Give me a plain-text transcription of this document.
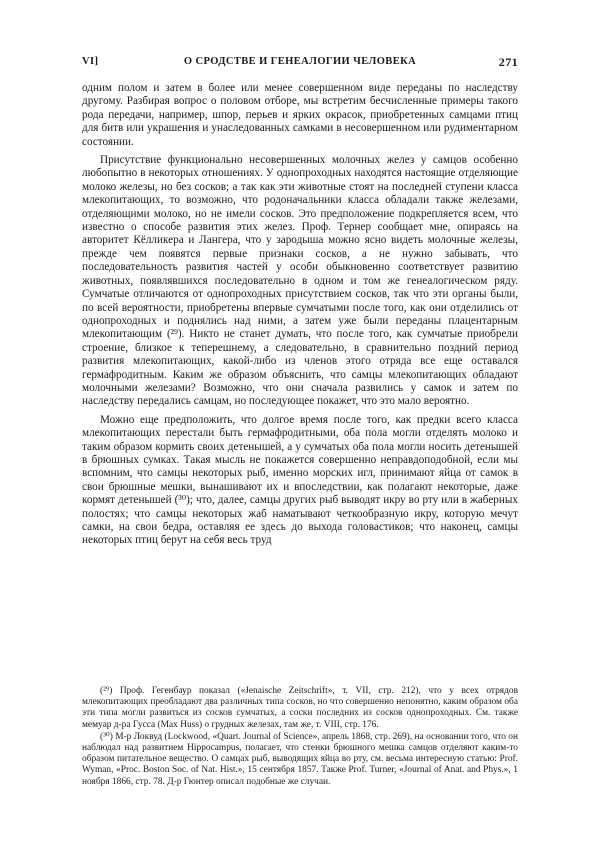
VI]	О СРОДСТВЕ И ГЕНЕАЛОГИИ ЧЕЛОВЕКА	271

одним полом и затем в более или менее совершенном виде переданы по наследству другому. Разбирая вопрос о половом отборе, мы встретим бесчисленные примеры такого рода передачи, например, шпор, перьев и ярких окрасок, приобретенных самцами птиц для битв или украшения и унаследованных самками в несовершенном или рудиментарном состоянии.

Присутствие функционально несовершенных молочных желез у самцов особенно любопытно в некоторых отношениях. У однопроходных находятся настоящие отделяющие молоко железы, но без сосков; а так как эти животные стоят на последней ступени класса млекопитающих, то возможно, что родоначальники класса обладали также железами, отделяющими молоко, но не имели сосков. Это предположение подкрепляется всем, что известно о способе развития этих желез. Проф. Тернер сообщает мне, опираясь на авторитет Кёлликера и Лангера, что у зародыша можно ясно видеть молочные железы, прежде чем появятся первые признаки сосков, а не нужно забывать, что последовательность развития частей у особи обыкновенно соответствует развитию животных, появлявшихся последовательно в одном и том же генеалогическом ряду. Сумчатые отличаются от однопроходных присутствием сосков, так что эти органы были, по всей вероятности, приобретены впервые сумчатыми после того, как они отделились от однопроходных и поднялись над ними, а затем уже были переданы плацентарным млекопитающим (²⁹). Никто не станет думать, что после того, как сумчатые приобрели строение, близкое к теперешнему, а следовательно, в сравнительно поздний период развития млекопитающих, какой-либо из членов этого отряда все еще оставался гермафродитным. Каким же образом объяснить, что самцы млекопитающих обладают молочными железами? Возможно, что они сначала развились у самок и затем по наследству передались самцам, но последующее покажет, что это мало вероятно.

Можно еще предположить, что долгое время после того, как предки всего класса млекопитающих перестали быть гермафродитными, оба пола могли отделять молоко и таким образом кормить своих детенышей, а у сумчатых оба пола могли носить детенышей в брюшных сумках. Такая мысль не покажется совершенно неправдоподобной, если мы вспомним, что самцы некоторых рыб, именно морских игл, принимают яйца от самок в свои брюшные мешки, вынашивают их и впоследствии, как полагают некоторые, даже кормят детенышей (³⁰); что, далее, самцы других рыб выводят икру во рту или в жаберных полостях; что самцы некоторых жаб наматывают четкообразную икру, которую мечут самки, на свои бедра, оставляя ее здесь до выхода головастиков; что наконец, самцы некоторых птиц берут на себя весь труд

(²⁹) Проф. Гегенбаур показал («Jenaische Zeitschrift», т. VII, стр. 212), что у всех отрядов млекопитающих преобладают два различных типа сосков, но что совершенно непонятно, каким образом оба эти типа могли развиться из сосков сумчатых, а соски последних из сосков однопроходных. См. также мемуар д-ра Гусса (Max Huss) о грудных железах, там же, т. VIII, стр. 176.

(³⁰) М-р Локвуд (Lockwood, «Quart. Journal of Science», апрель 1868, стр. 269), на основании того, что он наблюдал над развитием Hippocampus, полагает, что стенки брюшного мешка самцов отделяют каким-то образом питательное вещество. О самцах рыб, выводящих яйца во рту, см. весьма интересную статью: Prof. Wyman, «Proc. Boston Soc. of Nat. Hist.», 15 сентября 1857. Также Prof. Turner, «Journal of Anat. and Phys.», 1 ноября 1866, стр. 78. Д-р Гюнтер описал подобные же случаи.
